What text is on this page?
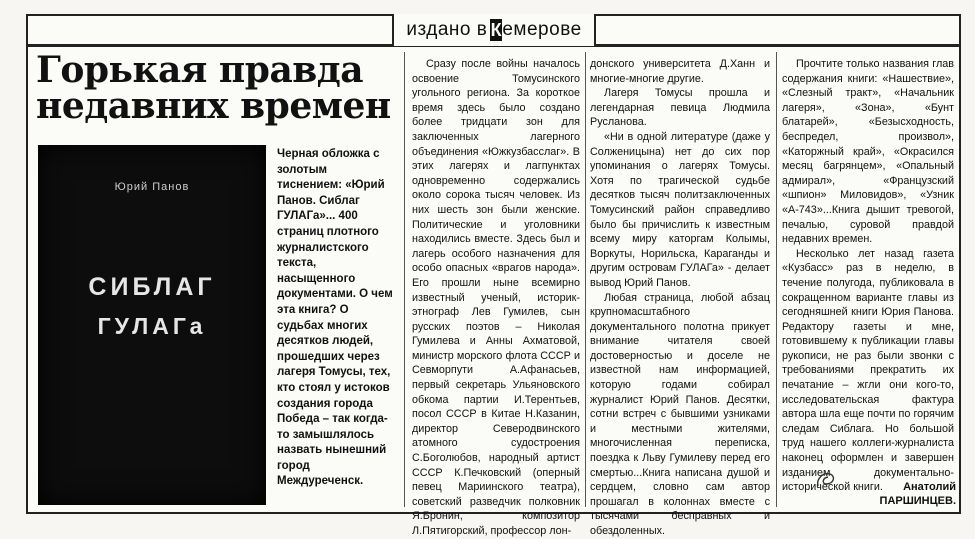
издано в К емерове
Горькая правда
недавних времен
Юрий Панов
СИБЛАГ
ГУЛАГа

Черная обложка с золотым тиснением: «Юрий Панов. Сиблаг ГУЛАГа»... 400 страниц плотного журналистского текста, насыщенного документами. О чем эта книга? О судьбах многих десятков людей, прошедших через лагеря Томусы, тех, кто стоял у истоков создания города Победа – так когда-то замышлялось назвать нынешний город Междуреченск.

Сразу после войны началось освоение Томусинского угольного региона. За короткое время здесь было создано более тридцати зон для заключенных лагерного объединения «Южкузбасслаг». В этих лагерях и лагпунктах одновременно содержались около сорока тысяч человек. Из них шесть зон были женские. Политические и уголовники находились вместе. Здесь был и лагерь особого назначения для особо опасных «врагов народа». Его прошли ныне всемирно известный ученый, историк-этнограф Лев Гумилев, сын русских поэтов – Николая Гумилева и Анны Ахматовой, министр морского флота СССР и Севморпути А.Афанасьев, первый секретарь Ульяновского обкома партии И.Терентьев, посол СССР в Китае Н.Казанин, директор Северодвинского атомного судостроения С.Боголюбов, народный артист СССР К.Печковский (оперный певец Мариинского театра), советский разведчик полковник Я.Бронин, композитор Л.Пятигорский, профессор лон-

донского университета Д.Ханн и многие-многие другие.

Лагеря Томусы прошла и легендарная певица Людмила Русланова.

«Ни в одной литературе (даже у Солженицына) нет до сих пор упоминания о лагерях Томусы. Хотя по трагической судьбе десятков тысяч политзаключенных Томусинский район справедливо было бы причислить к известным всему миру каторгам Колымы, Воркуты, Норильска, Караганды и другим островам ГУЛАГа» - делает вывод Юрий Панов.

Любая страница, любой абзац крупномасштабного документального полотна прикует внимание читателя своей достоверностью и доселе не известной нам информацией, которую годами собирал журналист Юрий Панов. Десятки, сотни встреч с бывшими узниками и местными жителями, многочисленная переписка, поездка к Льву Гумилеву перед его смертью...Книга написана душой и сердцем, словно сам автор прошагал в колоннах вместе с тысячами бесправных и обездоленных.

Прочтите только названия глав содержания книги: «Нашествие», «Слезный тракт», «Начальник лагеря», «Зона», «Бунт блатарей», «Безысходность, беспредел, произвол», «Каторжный край», «Окрасился месяц багрянцем», «Опальный адмирал», «Французский «шпион» Миловидов», «Узник «А-743»...Книга дышит тревогой, печалью, суровой правдой недавних времен.

Несколько лет назад газета «Кузбасс» раз в неделю, в течение полугода, публиковала в сокращенном варианте главы из сегодняшней книги Юрия Панова. Редактору газеты и мне, готовившему к публикации главы рукописи, не раз были звонки с требованиями прекратить их печатание – жгли они кого-то, исследовательская фактура автора шла еще почти по горячим следам Сиблага. Но большой труд нашего коллеги-журналиста наконец оформлен и завершен изданием документально-исторической книги.	Анатолий
ПАРШИНЦЕВ.
